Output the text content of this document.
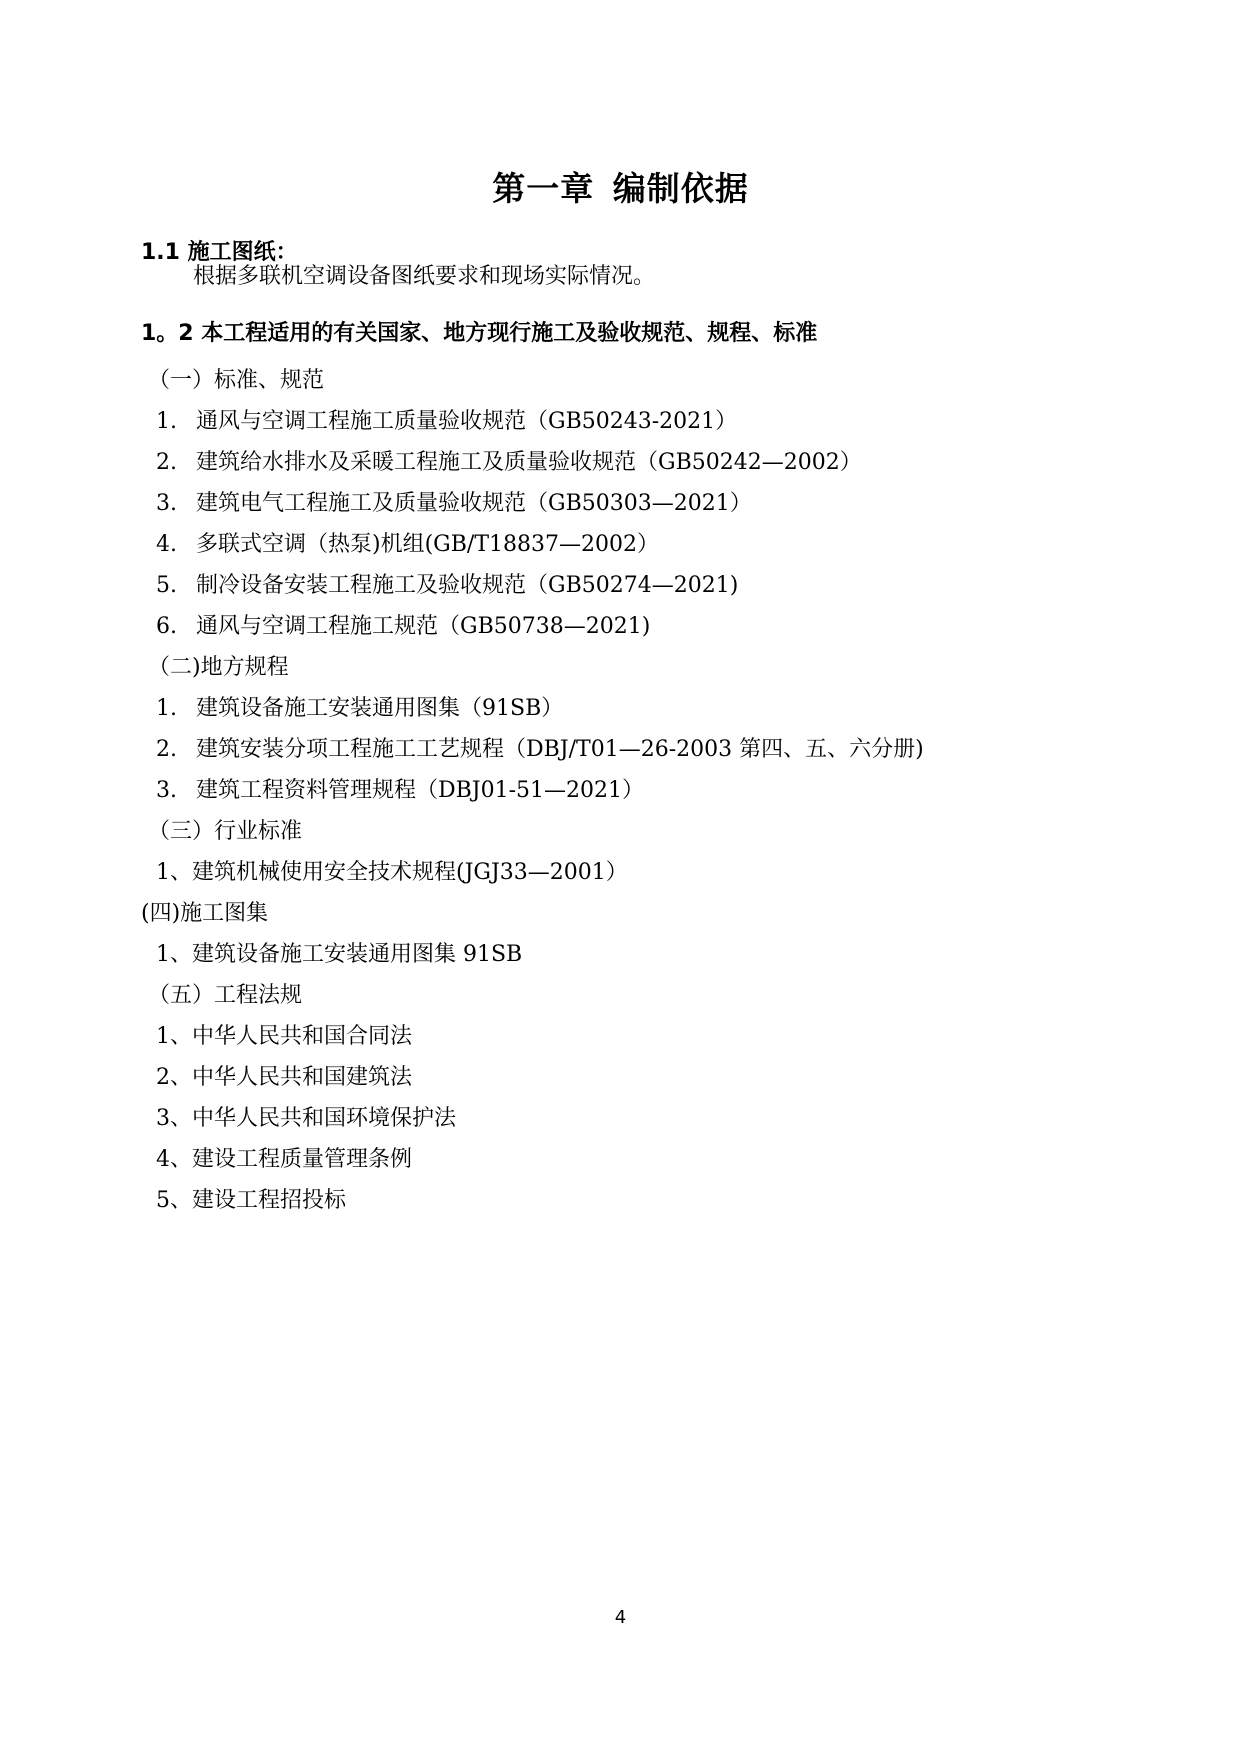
第一章 编制依据
1.1 施工图纸：
根据多联机空调设备图纸要求和现场实际情况。
1。2 本工程适用的有关国家、地方现行施工及验收规范、规程、标准
（一）标准、规范
1. 通风与空调工程施工质量验收规范（GB50243-2021）
2. 建筑给水排水及采暖工程施工及质量验收规范（GB50242—2002）
3. 建筑电气工程施工及质量验收规范（GB50303—2021）
4. 多联式空调（热泵)机组(GB/T18837—2002）
5. 制冷设备安装工程施工及验收规范（GB50274—2021)
6. 通风与空调工程施工规范（GB50738—2021)
（二)地方规程
1. 建筑设备施工安装通用图集（91SB）
2. 建筑安装分项工程施工工艺规程（DBJ/T01—26-2003 第四、五、六分册)
3. 建筑工程资料管理规程（DBJ01-51—2021）
（三）行业标准
1、建筑机械使用安全技术规程(JGJ33—2001）
(四)施工图集
1、建筑设备施工安装通用图集 91SB
（五）工程法规
1、中华人民共和国合同法
2、中华人民共和国建筑法
3、中华人民共和国环境保护法
4、建设工程质量管理条例
5、建设工程招投标
4
